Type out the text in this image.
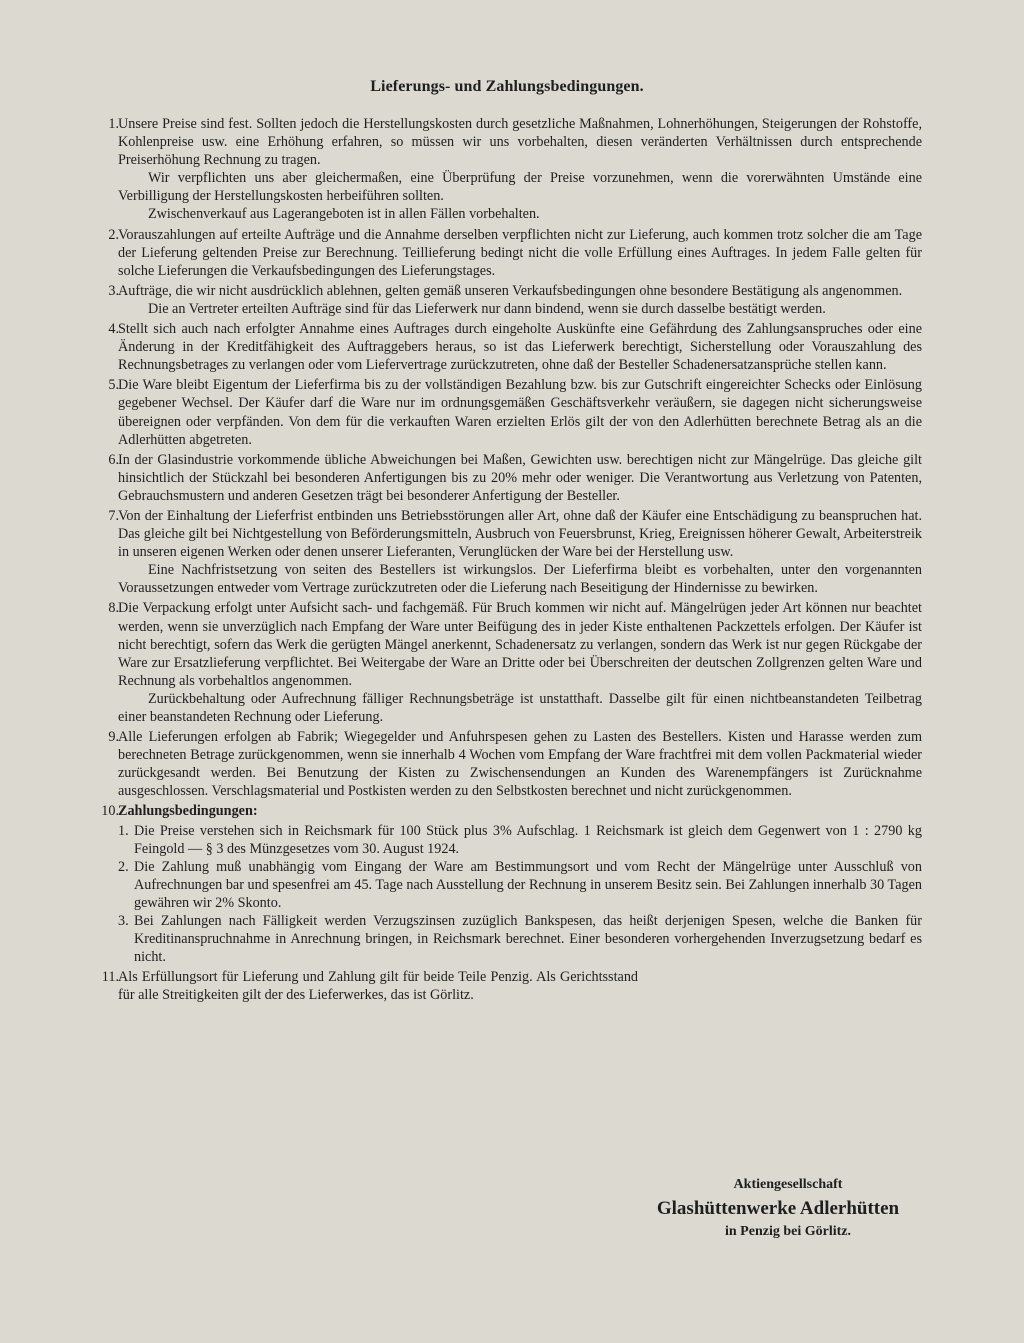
Lieferungs- und Zahlungsbedingungen.
1. Unsere Preise sind fest. Sollten jedoch die Herstellungskosten durch gesetzliche Maßnahmen, Lohnerhöhungen, Steigerungen der Rohstoffe, Kohlenpreise usw. eine Erhöhung erfahren, so müssen wir uns vorbehalten, diesen veränderten Verhältnissen durch entsprechende Preiserhöhung Rechnung zu tragen.

Wir verpflichten uns aber gleichermaßen, eine Überprüfung der Preise vorzunehmen, wenn die vorerwähnten Umstände eine Verbilligung der Herstellungskosten herbeiführen sollten.

Zwischenverkauf aus Lagerangeboten ist in allen Fällen vorbehalten.

2. Vorauszahlungen auf erteilte Aufträge und die Annahme derselben verpflichten nicht zur Lieferung, auch kommen trotz solcher die am Tage der Lieferung geltenden Preise zur Berechnung. Teillieferung bedingt nicht die volle Erfüllung eines Auftrages. In jedem Falle gelten für solche Lieferungen die Verkaufsbedingungen des Lieferungstages.

3. Aufträge, die wir nicht ausdrücklich ablehnen, gelten gemäß unseren Verkaufsbedingungen ohne besondere Bestätigung als angenommen.

Die an Vertreter erteilten Aufträge sind für das Lieferwerk nur dann bindend, wenn sie durch dasselbe bestätigt werden.

4. Stellt sich auch nach erfolgter Annahme eines Auftrages durch eingeholte Auskünfte eine Gefährdung des Zahlungsanspruches oder eine Änderung in der Kreditfähigkeit des Auftraggebers heraus, so ist das Lieferwerk berechtigt, Sicherstellung oder Vorauszahlung des Rechnungsbetrages zu verlangen oder vom Liefervertrage zurückzutreten, ohne daß der Besteller Schadenersatzansprüche stellen kann.

5. Die Ware bleibt Eigentum der Lieferfirma bis zu der vollständigen Bezahlung bzw. bis zur Gutschrift eingereichter Schecks oder Einlösung gegebener Wechsel. Der Käufer darf die Ware nur im ordnungsgemäßen Geschäftsverkehr veräußern, sie dagegen nicht sicherungsweise übereignen oder verpfänden. Von dem für die verkauften Waren erzielten Erlös gilt der von den Adlerhütten berechnete Betrag als an die Adlerhütten abgetreten.

6. In der Glasindustrie vorkommende übliche Abweichungen bei Maßen, Gewichten usw. berechtigen nicht zur Mängelrüge. Das gleiche gilt hinsichtlich der Stückzahl bei besonderen Anfertigungen bis zu 20% mehr oder weniger. Die Verantwortung aus Verletzung von Patenten, Gebrauchsmustern und anderen Gesetzen trägt bei besonderer Anfertigung der Besteller.

7. Von der Einhaltung der Lieferfrist entbinden uns Betriebsstörungen aller Art, ohne daß der Käufer eine Entschädigung zu beanspruchen hat. Das gleiche gilt bei Nichtgestellung von Beförderungsmitteln, Ausbruch von Feuersbrunst, Krieg, Ereignissen höherer Gewalt, Arbeiterstreik in unseren eigenen Werken oder denen unserer Lieferanten, Verunglücken der Ware bei der Herstellung usw.

Eine Nachfristsetzung von seiten des Bestellers ist wirkungslos. Der Lieferfirma bleibt es vorbehalten, unter den vorgenannten Voraussetzungen entweder vom Vertrage zurückzutreten oder die Lieferung nach Beseitigung der Hindernisse zu bewirken.

8. Die Verpackung erfolgt unter Aufsicht sach- und fachgemäß. Für Bruch kommen wir nicht auf. Mängelrügen jeder Art können nur beachtet werden, wenn sie unverzüglich nach Empfang der Ware unter Beifügung des in jeder Kiste enthaltenen Packzettels erfolgen. Der Käufer ist nicht berechtigt, sofern das Werk die gerügten Mängel anerkennt, Schadenersatz zu verlangen, sondern das Werk ist nur gegen Rückgabe der Ware zur Ersatzlieferung verpflichtet. Bei Weitergabe der Ware an Dritte oder bei Überschreiten der deutschen Zollgrenzen gelten Ware und Rechnung als vorbehaltlos angenommen.

Zurückbehaltung oder Aufrechnung fälliger Rechnungsbeträge ist unstatthaft. Dasselbe gilt für einen nichtbeanstandeten Teilbetrag einer beanstandeten Rechnung oder Lieferung.

9. Alle Lieferungen erfolgen ab Fabrik; Wiegegelder und Anfuhrspesen gehen zu Lasten des Bestellers. Kisten und Harasse werden zum berechneten Betrage zurückgenommen, wenn sie innerhalb 4 Wochen vom Empfang der Ware frachtfrei mit dem vollen Packmaterial wieder zurückgesandt werden. Bei Benutzung der Kisten zu Zwischensendungen an Kunden des Warenempfängers ist Zurücknahme ausgeschlossen. Verschlagsmaterial und Postkisten werden zu den Selbstkosten berechnet und nicht zurückgenommen.

10. Zahlungsbedingungen:

1. Die Preise verstehen sich in Reichsmark für 100 Stück plus 3% Aufschlag. 1 Reichsmark ist gleich dem Gegenwert von 1 : 2790 kg Feingold — § 3 des Münzgesetzes vom 30. August 1924.

2. Die Zahlung muß unabhängig vom Eingang der Ware am Bestimmungsort und vom Recht der Mängelrüge unter Ausschluß von Aufrechnungen bar und spesenfrei am 45. Tage nach Ausstellung der Rechnung in unserem Besitz sein. Bei Zahlungen innerhalb 30 Tagen gewähren wir 2% Skonto.

3. Bei Zahlungen nach Fälligkeit werden Verzugszinsen zuzüglich Bankspesen, das heißt derjenigen Spesen, welche die Banken für Kreditinanspruchnahme in Anrechnung bringen, in Reichsmark berechnet. Einer besonderen vorhergehenden Inverzugsetzung bedarf es nicht.

11. Als Erfüllungsort für Lieferung und Zahlung gilt für beide Teile Penzig. Als Gerichtsstand für alle Streitigkeiten gilt der des Lieferwerkes, das ist Görlitz.

Aktiengesellschaft
Glashüttenwerke Adlerhütten
in Penzig bei Görlitz.
